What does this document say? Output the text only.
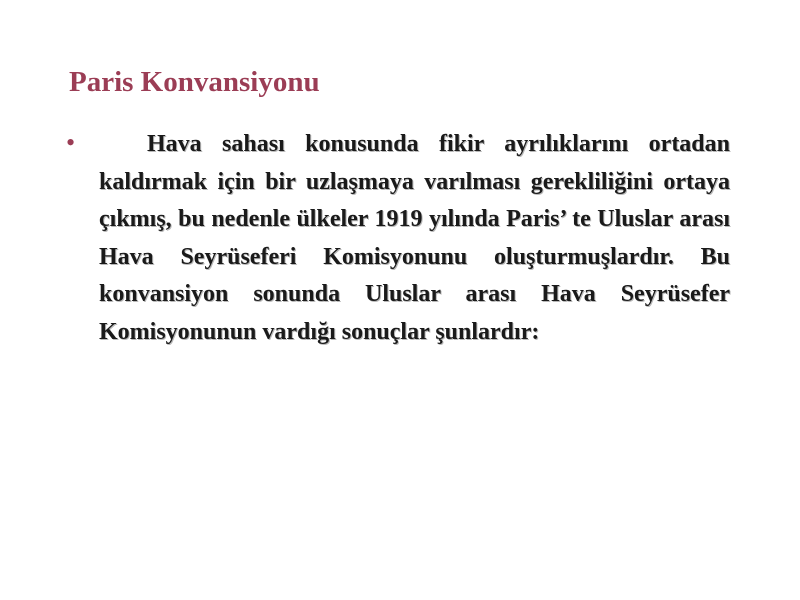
Paris Konvansiyonu
•	Hava sahası konusunda fikir ayrılıklarını ortadan kaldırmak için bir uzlaşmaya varılması gerekliliğini ortaya çıkmış, bu nedenle ülkeler 1919 yılında Paris’ te Uluslar arası Hava Seyrüseferi Komisyonunu oluşturmuşlardır. Bu konvansiyon sonunda Uluslar arası Hava Seyrüsefer Komisyonunun vardığı sonuçlar şunlardır:
